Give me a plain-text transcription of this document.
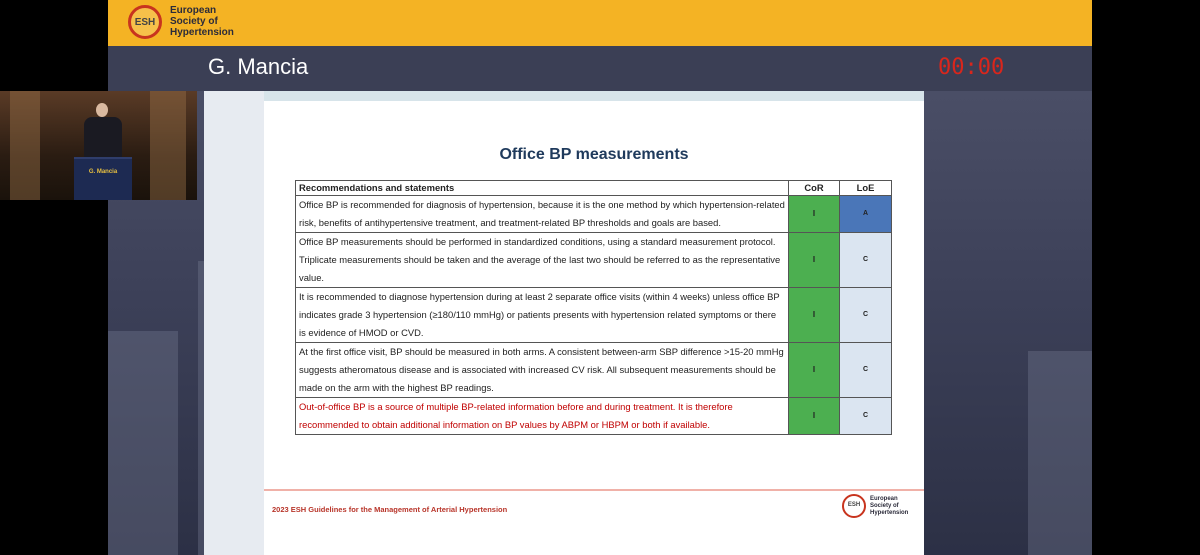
ESH
European
Society of
Hypertension
G. Mancia	00:00
G. Mancia
Office BP measurements
Recommendations and statements	CoR	LoE
Office BP is recommended for diagnosis of hypertension, because it is the one method by which hypertension-related risk, benefits of antihypertensive treatment, and treatment-related BP thresholds and goals are based.	I	A
Office BP measurements should be performed in standardized conditions, using a standard measurement protocol. Triplicate measurements should be taken and the average of the last two should be referred to as the representative value.	I	C
It is recommended to diagnose hypertension during at least 2 separate office visits (within 4 weeks) unless office BP indicates grade 3 hypertension (≥180/110 mmHg) or patients presents with hypertension related symptoms or there is evidence of HMOD or CVD.	I	C
At the first office visit, BP should be measured in both arms. A consistent between-arm SBP difference >15-20 mmHg suggests atheromatous disease and is associated with increased CV risk. All subsequent measurements should be made on the arm with the highest BP readings.	I	C
Out-of-office BP is a source of multiple BP-related information before and during treatment. It is therefore recommended to obtain additional information on BP values by ABPM or HBPM or both if available.	I	C
2023 ESH Guidelines for the Management of Arterial Hypertension	ESH
European
Society of
Hypertension
